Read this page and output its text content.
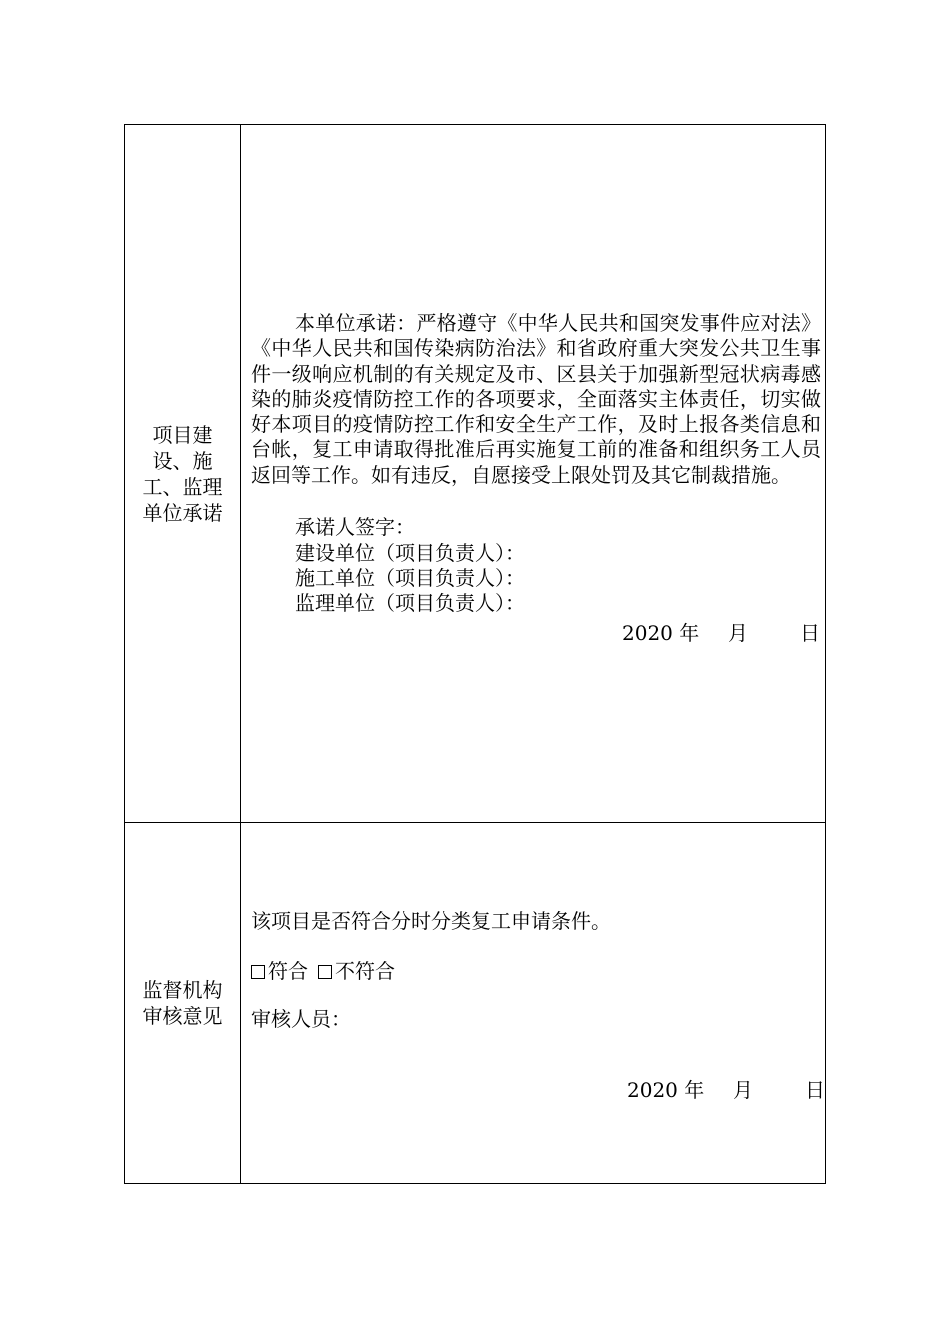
项目建设、施工、监理单位承诺
本单位承诺：严格遵守《中华人民共和国突发事件应对法》《中华人民共和国传染病防治法》和省政府重大突发公共卫生事件一级响应机制的有关规定及市、区县关于加强新型冠状病毒感染的肺炎疫情防控工作的各项要求，全面落实主体责任，切实做好本项目的疫情防控工作和安全生产工作，及时上报各类信息和台帐，复工申请取得批准后再实施复工前的准备和组织务工人员返回等工作。如有违反，自愿接受上限处罚及其它制裁措施。
承诺人签字：
建设单位（项目负责人）：
施工单位（项目负责人）：
监理单位（项目负责人）：
2020 年 月	日
监督机构审核意见
该项目是否符合分时分类复工申请条件。
符合 不符合
审核人员：
2020 年 月	日
